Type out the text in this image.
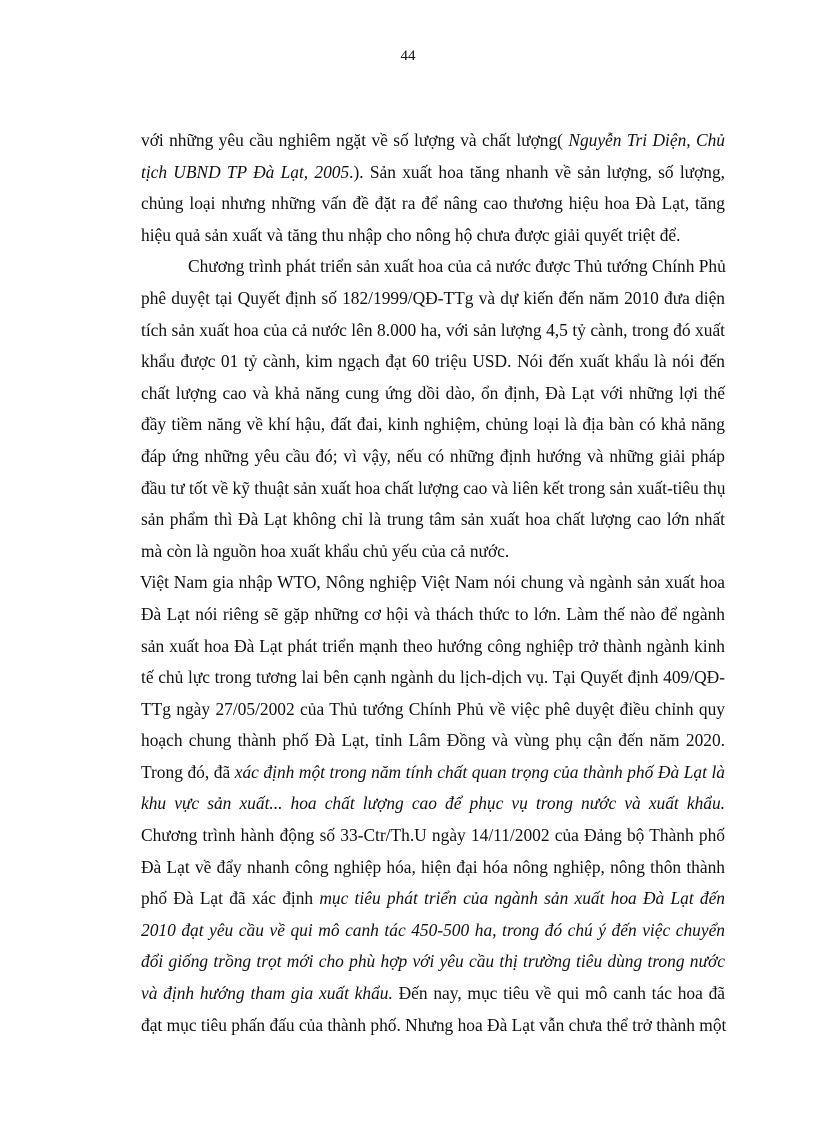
44
với những yêu cầu nghiêm ngặt về số lượng và chất lượng( Nguyễn Tri Diện, Chủ
tịch UBND TP Đà Lạt, 2005.). Sản xuất hoa tăng nhanh về sản lượng, số lượng,
chủng loại nhưng những vấn đề đặt ra để nâng cao thương hiệu hoa Đà Lạt, tăng
hiệu quả sản xuất và tăng thu nhập cho nông hộ chưa được giải quyết triệt để.
Chương trình phát triển sản xuất hoa của cả nước được Thủ tướng Chính Phủ
phê duyệt tại Quyết định số 182/1999/QĐ-TTg và dự kiến đến năm 2010 đưa diện
tích sản xuất hoa của cả nước lên 8.000 ha, với sản lượng 4,5 tỷ cành, trong đó xuất
khẩu được 01 tỷ cành, kim ngạch đạt 60 triệu USD. Nói đến xuất khẩu là nói đến
chất lượng cao và khả năng cung ứng dồi dào, ổn định, Đà Lạt với những lợi thế
đầy tiềm năng về khí hậu, đất đai, kinh nghiệm, chủng loại là địa bàn có khả năng
đáp ứng những yêu cầu đó; vì vậy, nếu có những định hướng và những giải pháp
đầu tư tốt về kỹ thuật sản xuất hoa chất lượng cao và liên kết trong sản xuất-tiêu thụ
sản phẩm thì Đà Lạt không chỉ là trung tâm sản xuất hoa chất lượng cao lớn nhất
mà còn là nguồn hoa xuất khẩu chủ yếu của cả nước.
Việt Nam gia nhập WTO, Nông nghiệp Việt Nam nói chung và ngành sản xuất hoa
Đà Lạt nói riêng sẽ gặp những cơ hội và thách thức to lớn. Làm thế nào để ngành
sản xuất hoa Đà Lạt phát triển mạnh theo hướng công nghiệp trở thành ngành kinh
tế chủ lực trong tương lai bên cạnh ngành du lịch-dịch vụ. Tại Quyết định 409/QĐ-
TTg ngày 27/05/2002 của Thủ tướng Chính Phủ về việc phê duyệt điều chỉnh quy
hoạch chung thành phố Đà Lạt, tỉnh Lâm Đồng và vùng phụ cận đến năm 2020.
Trong đó, đã xác định một trong năm tính chất quan trọng của thành phố Đà Lạt là
khu vực sản xuất... hoa chất lượng cao để phục vụ trong nước và xuất khẩu.
Chương trình hành động số 33-Ctr/Th.U ngày 14/11/2002 của Đảng bộ Thành phố
Đà Lạt về đẩy nhanh công nghiệp hóa, hiện đại hóa nông nghiệp, nông thôn thành
phố Đà Lạt đã xác định mục tiêu phát triển của ngành sản xuất hoa Đà Lạt đến
2010 đạt yêu cầu về qui mô canh tác 450-500 ha, trong đó chú ý đến việc chuyển
đổi giống trồng trọt mới cho phù hợp với yêu cầu thị trường tiêu dùng trong nước
và định hướng tham gia xuất khẩu. Đến nay, mục tiêu về qui mô canh tác hoa đã
đạt mục tiêu phấn đấu của thành phố. Nhưng hoa Đà Lạt vẫn chưa thể trở thành một
